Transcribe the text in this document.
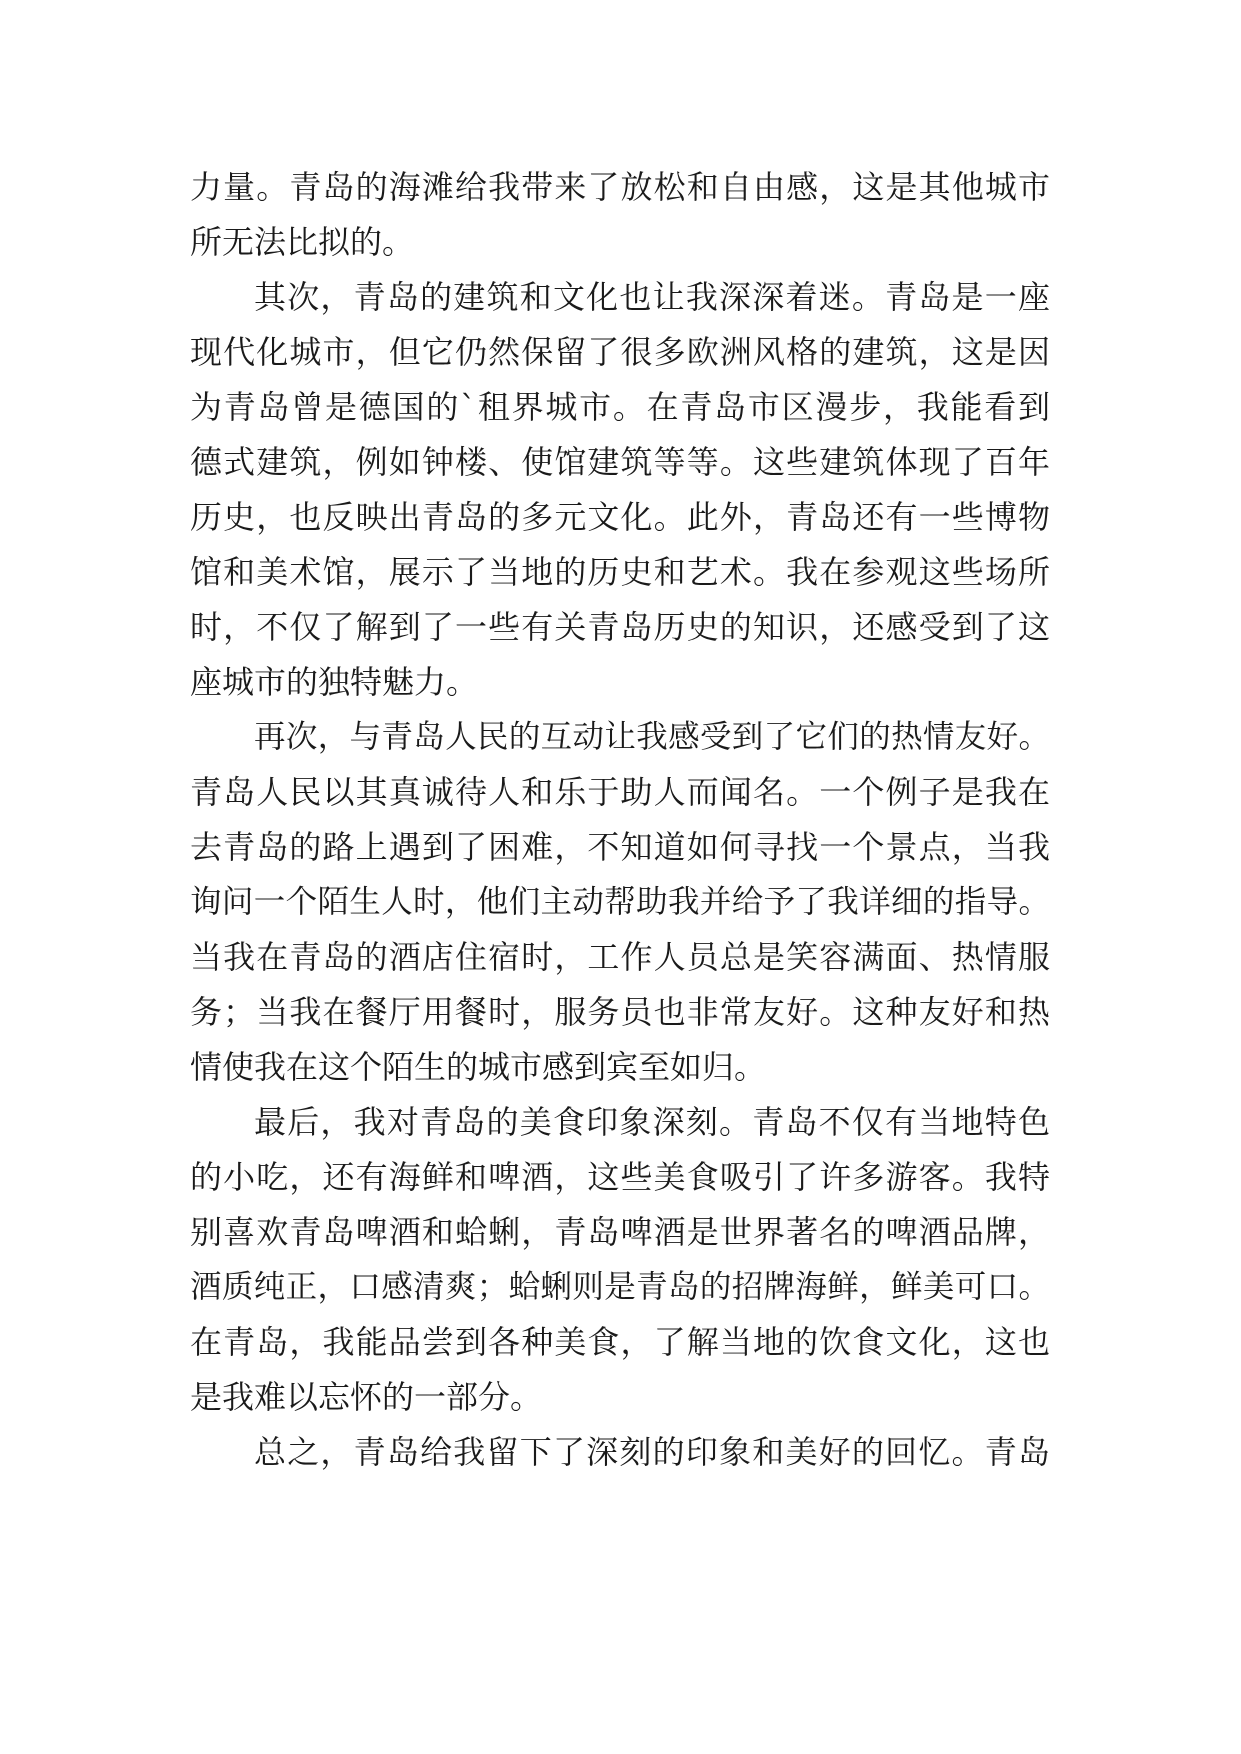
力量。青岛的海滩给我带来了放松和自由感，这是其他城市
所无法比拟的。
其次，青岛的建筑和文化也让我深深着迷。青岛是一座
现代化城市，但它仍然保留了很多欧洲风格的建筑，这是因
为青岛曾是德国的`租界城市。在青岛市区漫步，我能看到
德式建筑，例如钟楼、使馆建筑等等。这些建筑体现了百年
历史，也反映出青岛的多元文化。此外，青岛还有一些博物
馆和美术馆，展示了当地的历史和艺术。我在参观这些场所
时，不仅了解到了一些有关青岛历史的知识，还感受到了这
座城市的独特魅力。
再次，与青岛人民的互动让我感受到了它们的热情友好。
青岛人民以其真诚待人和乐于助人而闻名。一个例子是我在
去青岛的路上遇到了困难，不知道如何寻找一个景点，当我
询问一个陌生人时，他们主动帮助我并给予了我详细的指导。
当我在青岛的酒店住宿时，工作人员总是笑容满面、热情服
务；当我在餐厅用餐时，服务员也非常友好。这种友好和热
情使我在这个陌生的城市感到宾至如归。
最后，我对青岛的美食印象深刻。青岛不仅有当地特色
的小吃，还有海鲜和啤酒，这些美食吸引了许多游客。我特
别喜欢青岛啤酒和蛤蜊，青岛啤酒是世界著名的啤酒品牌，
酒质纯正，口感清爽；蛤蜊则是青岛的招牌海鲜，鲜美可口。
在青岛，我能品尝到各种美食，了解当地的饮食文化，这也
是我难以忘怀的一部分。
总之，青岛给我留下了深刻的印象和美好的回忆。青岛
